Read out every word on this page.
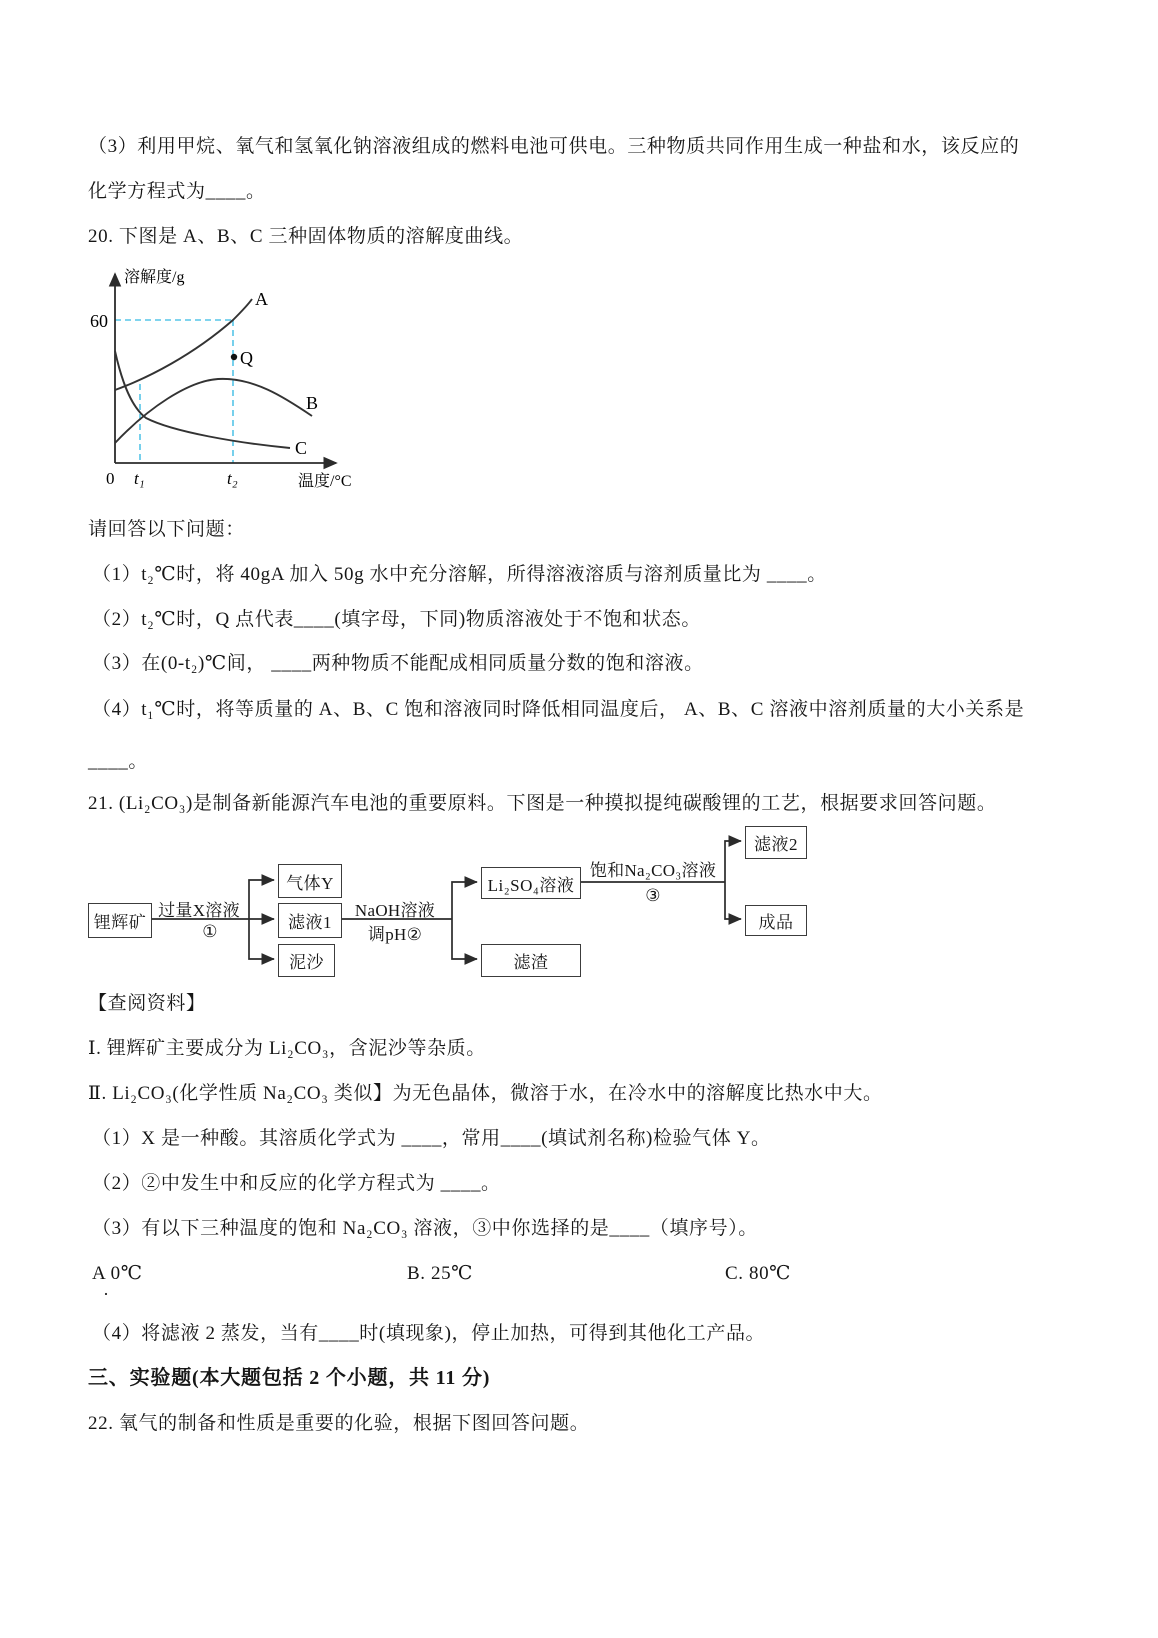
（3）利用甲烷、氧气和氢氧化钠溶液组成的燃料电池可供电。三种物质共同作用生成一种盐和水，该反应的
化学方程式为____。
20. 下图是 A、B、C 三种固体物质的溶解度曲线。
溶解度/g
60
A
B
C
Q
0 t₁	t₂	温度/°C
请回答以下问题：
（1）t₂℃时，将 40gA 加入 50g 水中充分溶解，所得溶液溶质与溶剂质量比为 ____。
（2）t₂℃时，Q 点代表____(填字母，下同)物质溶液处于不饱和状态。
（3）在(0-t₂)℃间， ____两种物质不能配成相同质量分数的饱和溶液。
（4）t₁℃时，将等质量的 A、B、C 饱和溶液同时降低相同温度后， A、B、C 溶液中溶剂质量的大小关系是
____。
21. (Li₂CO₃)是制备新能源汽车电池的重要原料。下图是一种摸拟提纯碳酸锂的工艺，根据要求回答问题。
锂辉矿
气体Y
滤液1
泥沙
Li₂SO₄溶液
滤渣
滤液2
成品
过量X溶液
①
NaOH溶液
调pH②
饱和Na₂CO₃溶液
③
【查阅资料】
Ⅰ. 锂辉矿主要成分为 Li₂CO₃，含泥沙等杂质。
Ⅱ. Li₂CO₃(化学性质 Na₂CO₃ 类似】为无色晶体，微溶于水，在冷水中的溶解度比热水中大。
（1）X 是一种酸。其溶质化学式为 ____，常用____(填试剂名称)检验气体 Y。
（2）②中发生中和反应的化学方程式为 ____。
（3）有以下三种温度的饱和 Na₂CO₃ 溶液，③中你选择的是____（填序号）。
A 0℃	B. 25℃	C. 80℃
·
（4）将滤液 2 蒸发，当有____时(填现象)，停止加热，可得到其他化工产品。
三、实验题(本大题包括 2 个小题，共 11 分)
22. 氧气的制备和性质是重要的化验，根据下图回答问题。
